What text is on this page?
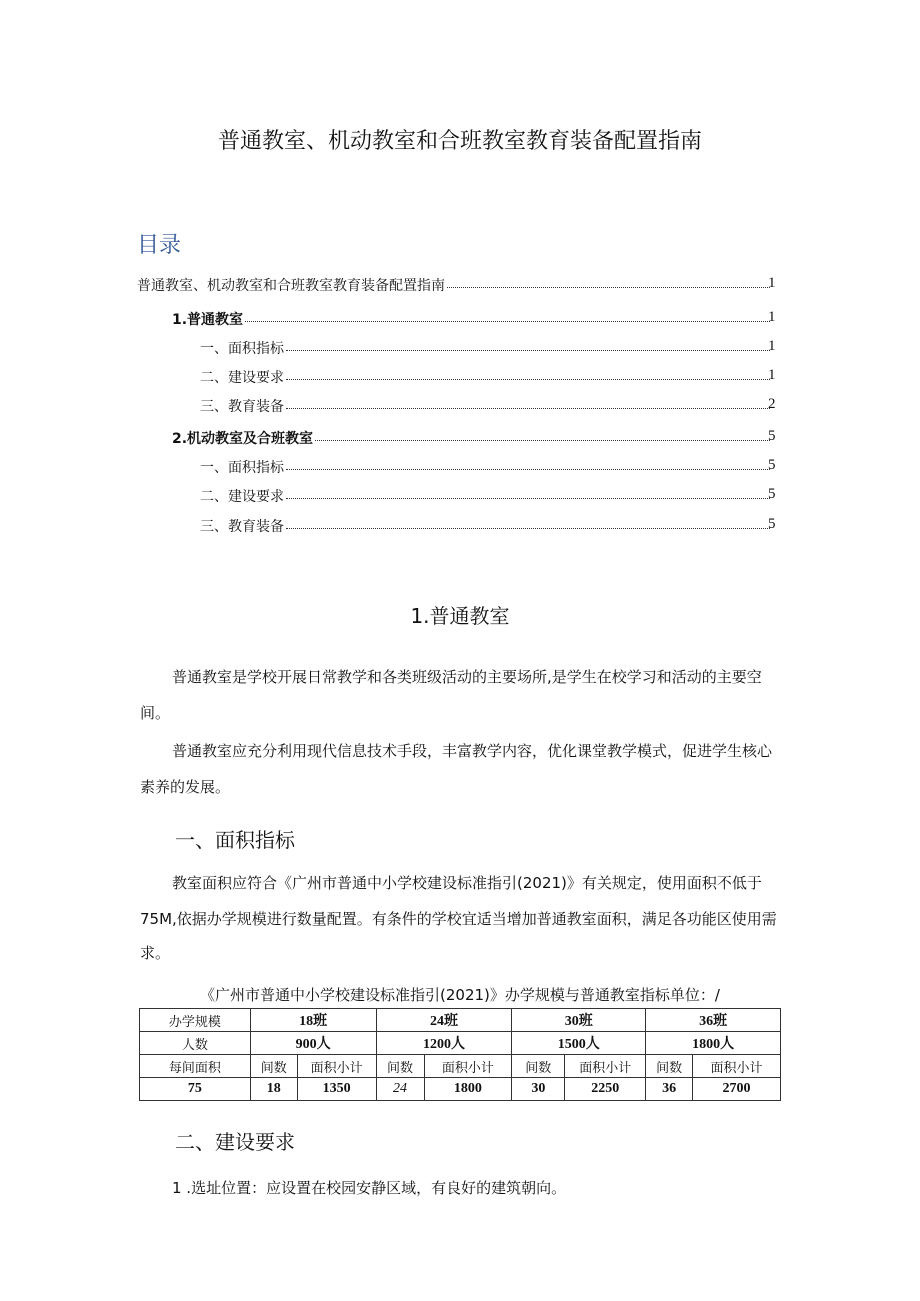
普通教室、机动教室和合班教室教育装备配置指南
目录
普通教室、机动教室和合班教室教育装备配置指南	1
1.普通教室	1
一、面积指标	1
二、建设要求	1
三、教育装备	2
2.机动教室及合班教室	5
一、面积指标	5
二、建设要求	5
三、教育装备	5
1.普通教室
普通教室是学校开展日常教学和各类班级活动的主要场所,是学生在校学习和活动的主要空
间。
普通教室应充分利用现代信息技术手段，丰富教学内容，优化课堂教学模式，促进学生核心
素养的发展。
一、面积指标
教室面积应符合《广州市普通中小学校建设标准指引(2021)》有关规定，使用面积不低于
75M,依据办学规模进行数量配置。有条件的学校宜适当增加普通教室面积，满足各功能区使用需
求。
《广州市普通中小学校建设标准指引(2021)》办学规模与普通教室指标单位：/
办学规模	18班		24班		30班		36班	
人数	900人		1200人		1500人		1800人	
每间面积	间数	面积小计	间数	面积小计	间数	面积小计	间数	面积小计
75	18	1350	24	1800	30	2250	36	2700
二、建设要求
1 .选址位置：应设置在校园安静区域，有良好的建筑朝向。
